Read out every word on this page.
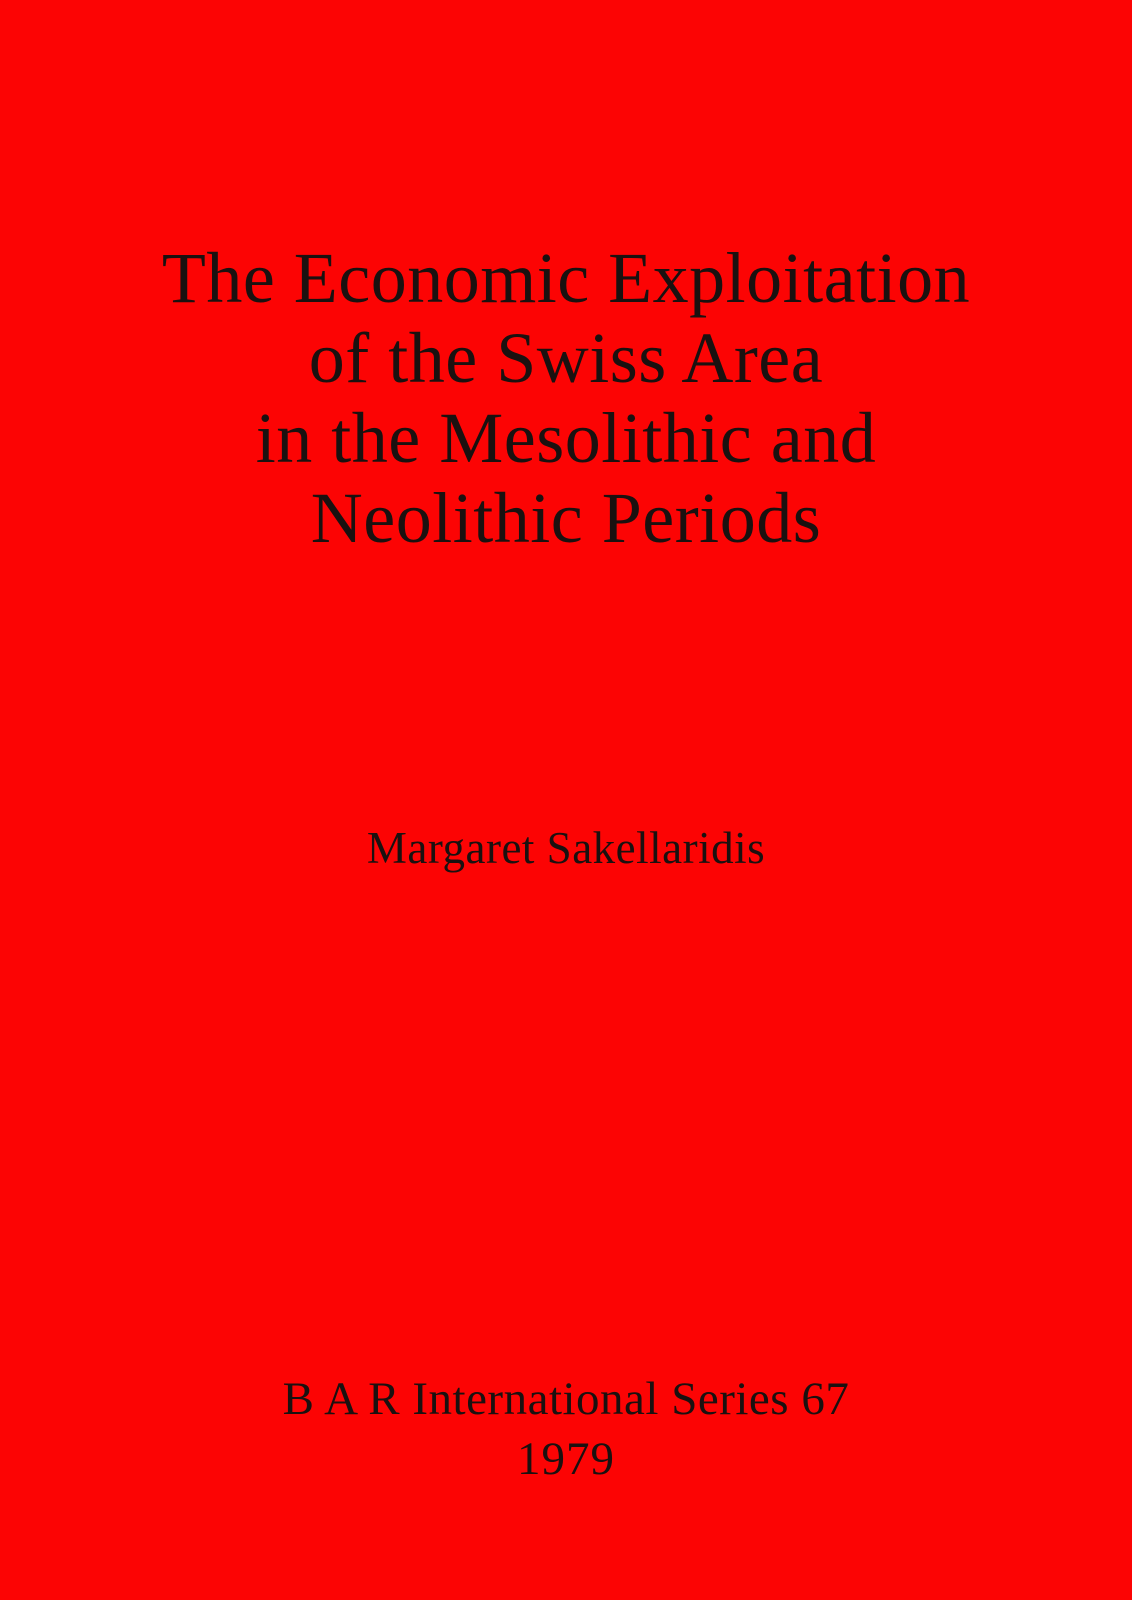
The Economic Exploitation
of the Swiss Area
in the Mesolithic and
Neolithic Periods
Margaret Sakellaridis
B A R International Series 67
1979
